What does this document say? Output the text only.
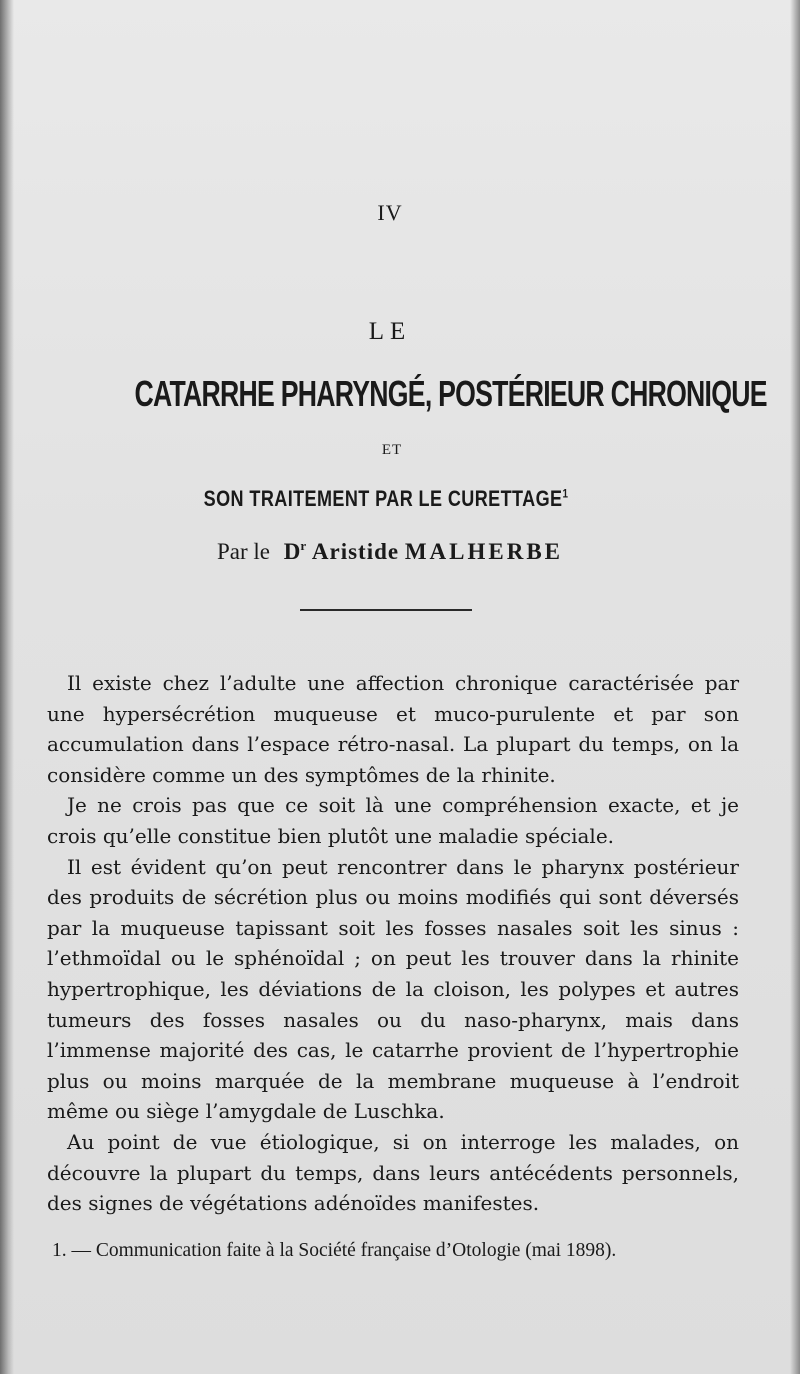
IV
LE
CATARRHE PHARYNGÉ, POSTÉRIEUR CHRONIQUE
ET
SON TRAITEMENT PAR LE CURETTAGE$^1$
Par le $D^r$ Aristide MALHERBE

Il existe chez l’adulte une affection chronique caractérisée par une hypersécrétion muqueuse et muco-purulente et par son accumulation dans l’espace rétro-nasal. La plupart du temps, on la considère comme un des symptômes de la rhinite.

Je ne crois pas que ce soit là une compréhension exacte, et je crois qu’elle constitue bien plutôt une maladie spéciale.

Il est évident qu’on peut rencontrer dans le pharynx postérieur des produits de sécrétion plus ou moins modifiés qui sont déversés par la muqueuse tapissant soit les fosses nasales soit les sinus : l’ethmoïdal ou le sphénoïdal ; on peut les trouver dans la rhinite hypertrophique, les déviations de la cloison, les polypes et autres tumeurs des fosses nasales ou du naso-pharynx, mais dans l’immense majorité des cas, le catarrhe provient de l’hypertrophie plus ou moins marquée de la membrane muqueuse à l’endroit même ou siège l’amygdale de Luschka.

Au point de vue étiologique, si on interroge les malades, on découvre la plupart du temps, dans leurs antécédents personnels, des signes de végétations adénoïdes manifestes.

1. — Communication faite à la Société française d’Otologie (mai 1898).
